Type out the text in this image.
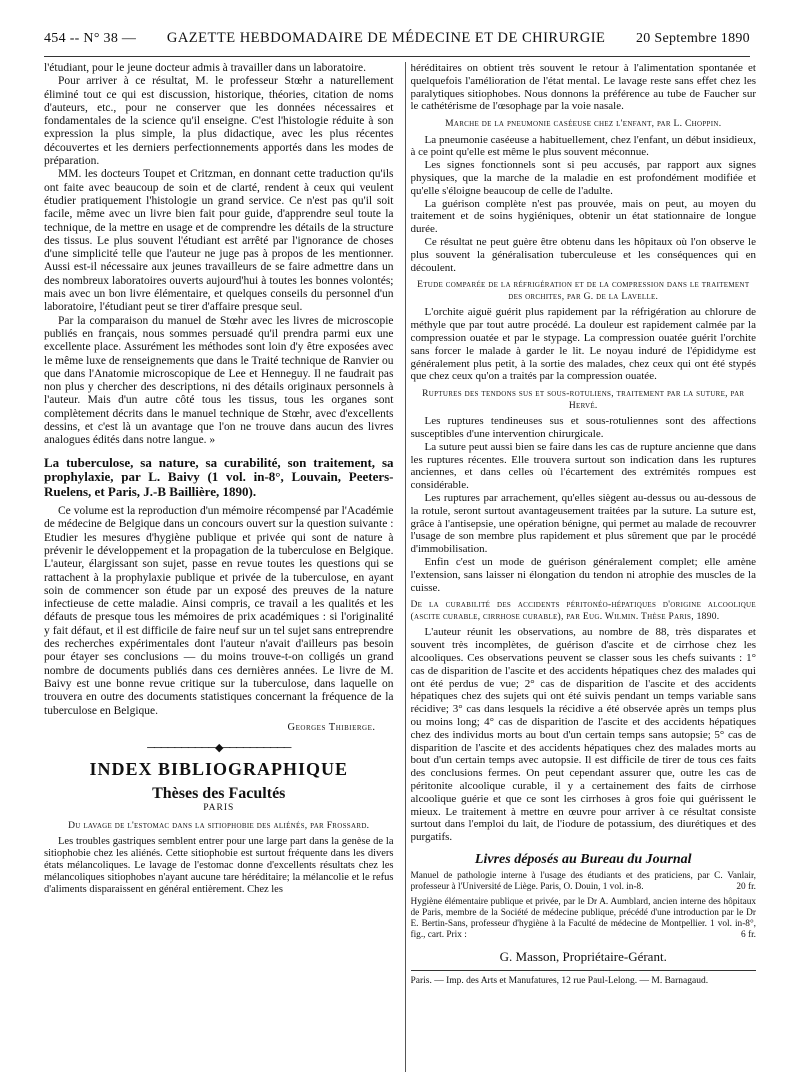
454 -- N° 38 — GAZETTE HEBDOMADAIRE DE MÉDECINE ET DE CHIRURGIE 20 Septembre 1890

l'étudiant, pour le jeune docteur admis à travailler dans un laboratoire.

Pour arriver à ce résultat, M. le professeur Stœhr a naturellement éliminé tout ce qui est discussion, historique, théories, citation de noms d'auteurs, etc., pour ne conserver que les données nécessaires et fondamentales de la science qu'il enseigne. C'est l'histologie réduite à son expression la plus simple, la plus didactique, avec les plus récentes découvertes et les derniers perfectionnements apportés dans les modes de préparation.

MM. les docteurs Toupet et Critzman, en donnant cette traduction qu'ils ont faite avec beaucoup de soin et de clarté, rendent à ceux qui veulent étudier pratiquement l'histologie un grand service. Ce n'est pas qu'il soit facile, même avec un livre bien fait pour guide, d'apprendre seul toute la technique, de la mettre en usage et de comprendre les détails de la structure des tissus. Le plus souvent l'étudiant est arrêté par l'ignorance de choses d'une simplicité telle que l'auteur ne juge pas à propos de les mentionner. Aussi est-il nécessaire aux jeunes travailleurs de se faire admettre dans un des nombreux laboratoires ouverts aujourd'hui à toutes les bonnes volontés; mais avec un bon livre élémentaire, et quelques conseils du personnel d'un laboratoire, l'étudiant peut se tirer d'affaire presque seul.

Par la comparaison du manuel de Stœhr avec les livres de microscopie publiés en français, nous sommes persuadé qu'il prendra parmi eux une excellente place. Assurément les méthodes sont loin d'y être exposées avec le même luxe de renseignements que dans le Traité technique de Ranvier ou que dans l'Anatomie microscopique de Lee et Henneguy. Il ne faudrait pas non plus y chercher des descriptions, ni des détails originaux personnels à l'auteur. Mais d'un autre côté tous les tissus, tous les organes sont complètement décrits dans le manuel technique de Stœhr, avec d'excellents dessins, et c'est là un avantage que l'on ne trouve dans aucun des livres analogues édités dans notre langue. »

La tuberculose, sa nature, sa curabilité, son traitement, sa prophylaxie, par L. Baivy (1 vol. in-8°, Louvain, Peeters-Ruelens, et Paris, J.-B Baillière, 1890).

Ce volume est la reproduction d'un mémoire récompensé par l'Académie de médecine de Belgique dans un concours ouvert sur la question suivante : Etudier les mesures d'hygiène publique et privée qui sont de nature à prévenir le développement et la propagation de la tuberculose en Belgique. L'auteur, élargissant son sujet, passe en revue toutes les questions qui se rattachent à la prophylaxie publique et privée de la tuberculose, en ayant soin de commencer son étude par un exposé des preuves de la nature infectieuse de cette maladie. Ainsi compris, ce travail a les qualités et les défauts de presque tous les mémoires de prix académiques : si l'originalité y fait défaut, et il est difficile de faire neuf sur un tel sujet sans entreprendre des recherches expérimentales dont l'auteur n'avait d'ailleurs pas besoin pour étayer ses conclusions — du moins trouve-t-on colligés un grand nombre de documents publiés dans ces dernières années. Le livre de M. Baivy est une bonne revue critique sur la tuberculose, dans laquelle on trouvera en outre des documents statistiques concernant la fréquence de la tuberculose en Belgique.

Georges Thibierge.
──────────◆──────────
INDEX BIBLIOGRAPHIQUE
Thèses des Facultés
PARIS
Du lavage de l'estomac dans la sitiophobie des aliénés, par Frossard.

Les troubles gastriques semblent entrer pour une large part dans la genèse de la sitiophobie chez les aliénés. Cette sitiophobie est surtout fréquente dans les divers états mélancoliques. Le lavage de l'estomac donne d'excellents résultats chez les mélancoliques sitiophobes n'ayant aucune tare héréditaire; la mélancolie et le refus d'aliments disparaissent en général entièrement. Chez les

héréditaires on obtient très souvent le retour à l'alimentation spontanée et quelquefois l'amélioration de l'état mental. Le lavage reste sans effet chez les paralytiques sitiophobes. Nous donnons la préférence au tube de Faucher sur le cathétérisme de l'œsophage par la voie nasale.

Marche de la pneumonie caséeuse chez l'enfant, par L. Choppin.

La pneumonie caséeuse a habituellement, chez l'enfant, un début insidieux, à ce point qu'elle est même le plus souvent méconnue.

Les signes fonctionnels sont si peu accusés, par rapport aux signes physiques, que la marche de la maladie en est profondément modifiée et qu'elle s'éloigne beaucoup de celle de l'adulte.

La guérison complète n'est pas prouvée, mais on peut, au moyen du traitement et de soins hygiéniques, obtenir un état stationnaire de longue durée.

Ce résultat ne peut guère être obtenu dans les hôpitaux où l'on observe le plus souvent la généralisation tuberculeuse et les conséquences qui en découlent.

Etude comparée de la réfrigération et de la compression dans le traitement des orchites, par G. de la Lavelle.

L'orchite aiguë guérit plus rapidement par la réfrigération au chlorure de méthyle que par tout autre procédé. La douleur est rapidement calmée par la compression ouatée et par le stypage. La compression ouatée guérit l'orchite sans forcer le malade à garder le lit. Le noyau induré de l'épididyme est généralement plus petit, à la sortie des malades, chez ceux qui ont été stypés que chez ceux qu'on a traités par la compression ouatée.

Ruptures des tendons sus et sous-rotuliens, traitement par la suture, par Hervé.

Les ruptures tendineuses sus et sous-rotuliennes sont des affections susceptibles d'une intervention chirurgicale.

La suture peut aussi bien se faire dans les cas de rupture ancienne que dans les ruptures récentes. Elle trouvera surtout son indication dans les ruptures anciennes, et dans celles où l'écartement des extrémités rompues est considérable.

Les ruptures par arrachement, qu'elles siègent au-dessus ou au-dessous de la rotule, seront surtout avantageusement traitées par la suture. La suture est, grâce à l'antisepsie, une opération bénigne, qui permet au malade de recouvrer l'usage de son membre plus rapidement et plus sûrement que par le procédé d'immobilisation.

Enfin c'est un mode de guérison généralement complet; elle amène l'extension, sans laisser ni élongation du tendon ni atrophie des muscles de la cuisse.

De la curabilité des accidents péritonéo-hépatiques d'origine alcoolique (ascite curable, cirrhose curable), par Eug. Wilmin. Thèse Paris, 1890.

L'auteur réunit les observations, au nombre de 88, très disparates et souvent très incomplètes, de guérison d'ascite et de cirrhose chez les alcooliques. Ces observations peuvent se classer sous les chefs suivants : 1° cas de disparition de l'ascite et des accidents hépatiques chez des malades qui ont été perdus de vue; 2° cas de disparition de l'ascite et des accidents hépatiques chez des sujets qui ont été suivis pendant un temps variable sans récidive; 3° cas dans lesquels la récidive a été observée après un temps plus ou moins long; 4° cas de disparition de l'ascite et des accidents hépatiques chez des individus morts au bout d'un certain temps sans autopsie; 5° cas de disparition de l'ascite et des accidents hépatiques chez des malades morts au bout d'un certain temps avec autopsie. Il est difficile de tirer de tous ces faits des conclusions fermes. On peut cependant assurer que, outre les cas de péritonite alcoolique curable, il y a certainement des faits de cirrhose alcoolique guérie et que ce sont les cirrhoses à gros foie qui guérissent le mieux. Le traitement à mettre en œuvre pour arriver à ce résultat consiste surtout dans l'emploi du lait, de l'iodure de potassium, des diurétiques et des purgatifs.

Livres déposés au Bureau du Journal

Manuel de pathologie interne à l'usage des étudiants et des praticiens, par C. Vanlair, professeur à l'Université de Liège. Paris, O. Douin, 1 vol. in-8.	20 fr.

Hygiène élémentaire publique et privée, par le Dr A. Aumblard, ancien interne des hôpitaux de Paris, membre de la Société de médecine publique, précédé d'une introduction par le Dr E. Bertin-Sans, professeur d'hygiène à la Faculté de médecine de Montpellier. 1 vol. in-8°, fig., cart. Prix :	6 fr.

G. Masson, Propriétaire-Gérant.

Paris. — Imp. des Arts et Manufatures, 12 rue Paul-Lelong. — M. Barnagaud.
